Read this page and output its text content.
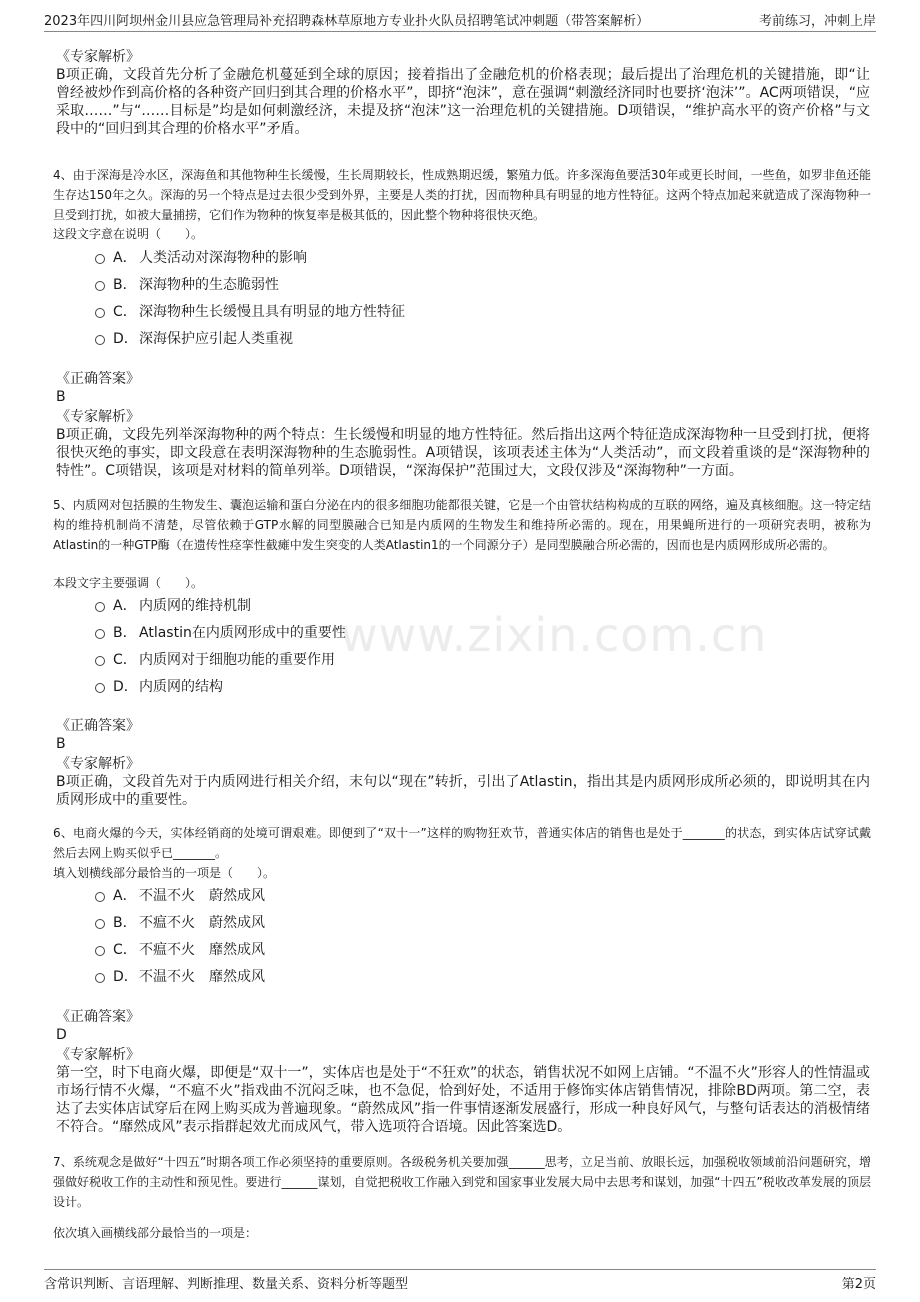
2023年四川阿坝州金川县应急管理局补充招聘森林草原地方专业扑火队员招聘笔试冲刺题（带答案解析）	考前练习，冲刺上岸
www.zixin.com.cn
《专家解析》
B项正确，文段首先分析了金融危机蔓延到全球的原因；接着指出了金融危机的价格表现；最后提出了治理危机的关键措施，即“让曾经被炒作到高价格的各种资产回归到其合理的价格水平”，即挤“泡沫”，意在强调“刺激经济同时也要挤‘泡沫’”。AC两项错误，“应采取……”与“……目标是”均是如何刺激经济，未提及挤“泡沫”这一治理危机的关键措施。D项错误，“维护高水平的资产价格”与文段中的“回归到其合理的价格水平”矛盾。
4、由于深海是冷水区，深海鱼和其他物种生长缓慢，生长周期较长，性成熟期迟缓，繁殖力低。许多深海鱼要活30年或更长时间，一些鱼，如罗非鱼还能生存达150年之久。深海的另一个特点是过去很少受到外界，主要是人类的打扰，因而物种具有明显的地方性特征。这两个特点加起来就造成了深海物种一旦受到打扰，如被大量捕捞，它们作为物种的恢复率是极其低的，因此整个物种将很快灭绝。
这段文字意在说明（　　）。
A． 人类活动对深海物种的影响
B． 深海物种的生态脆弱性
C． 深海物种生长缓慢且具有明显的地方性特征
D． 深海保护应引起人类重视
《正确答案》
B
《专家解析》
B项正确，文段先列举深海物种的两个特点：生长缓慢和明显的地方性特征。然后指出这两个特征造成深海物种一旦受到打扰，便将很快灭绝的事实，即文段意在表明深海物种的生态脆弱性。A项错误，该项表述主体为“人类活动”，而文段着重谈的是“深海物种的特性”。C项错误，该项是对材料的简单列举。D项错误，“深海保护”范围过大，文段仅涉及“深海物种”一方面。
5、内质网对包括膜的生物发生、囊泡运输和蛋白分泌在内的很多细胞功能都很关键，它是一个由管状结构构成的互联的网络，遍及真核细胞。这一特定结构的维持机制尚不清楚，尽管依赖于GTP水解的同型膜融合已知是内质网的生物发生和维持所必需的。现在，用果蝇所进行的一项研究表明，被称为Atlastin的一种GTP酶（在遗传性痉挛性截瘫中发生突变的人类Atlastin1的一个同源分子）是同型膜融合所必需的，因而也是内质网形成所必需的。
本段文字主要强调（　　）。
A． 内质网的维持机制
B． Atlastin在内质网形成中的重要性
C． 内质网对于细胞功能的重要作用
D． 内质网的结构
《正确答案》
B
《专家解析》
B项正确，文段首先对于内质网进行相关介绍，末句以“现在”转折，引出了Atlastin，指出其是内质网形成所必须的，即说明其在内质网形成中的重要性。
6、电商火爆的今天，实体经销商的处境可谓艰难。即便到了“双十一”这样的购物狂欢节，普通实体店的销售也是处于_______的状态，到实体店试穿试戴然后去网上购买似乎已_______。
填入划横线部分最恰当的一项是（　　）。
A． 不温不火　蔚然成风
B． 不瘟不火　蔚然成风
C． 不瘟不火　靡然成风
D． 不温不火　靡然成风
《正确答案》
D
《专家解析》
第一空，时下电商火爆，即便是“双十一”，实体店也是处于“不狂欢”的状态，销售状况不如网上店铺。“不温不火”形容人的性情温或市场行情不火爆，“不瘟不火”指戏曲不沉闷乏味，也不急促，恰到好处，不适用于修饰实体店销售情况，排除BD两项。第二空，表达了去实体店试穿后在网上购买成为普遍现象。“蔚然成风”指一件事情逐渐发展盛行，形成一种良好风气，与整句话表达的消极情绪不符合。“靡然成风”表示指群起效尤而成风气，带入选项符合语境。因此答案选D。
7、系统观念是做好“十四五”时期各项工作必须坚持的重要原则。各级税务机关要加强______思考，立足当前、放眼长远，加强税收领域前沿问题研究，增强做好税收工作的主动性和预见性。要进行______谋划，自觉把税收工作融入到党和国家事业发展大局中去思考和谋划，加强“十四五”税收改革发展的顶层设计。
依次填入画横线部分最恰当的一项是：
含常识判断、言语理解、判断推理、数量关系、资料分析等题型	第2页
